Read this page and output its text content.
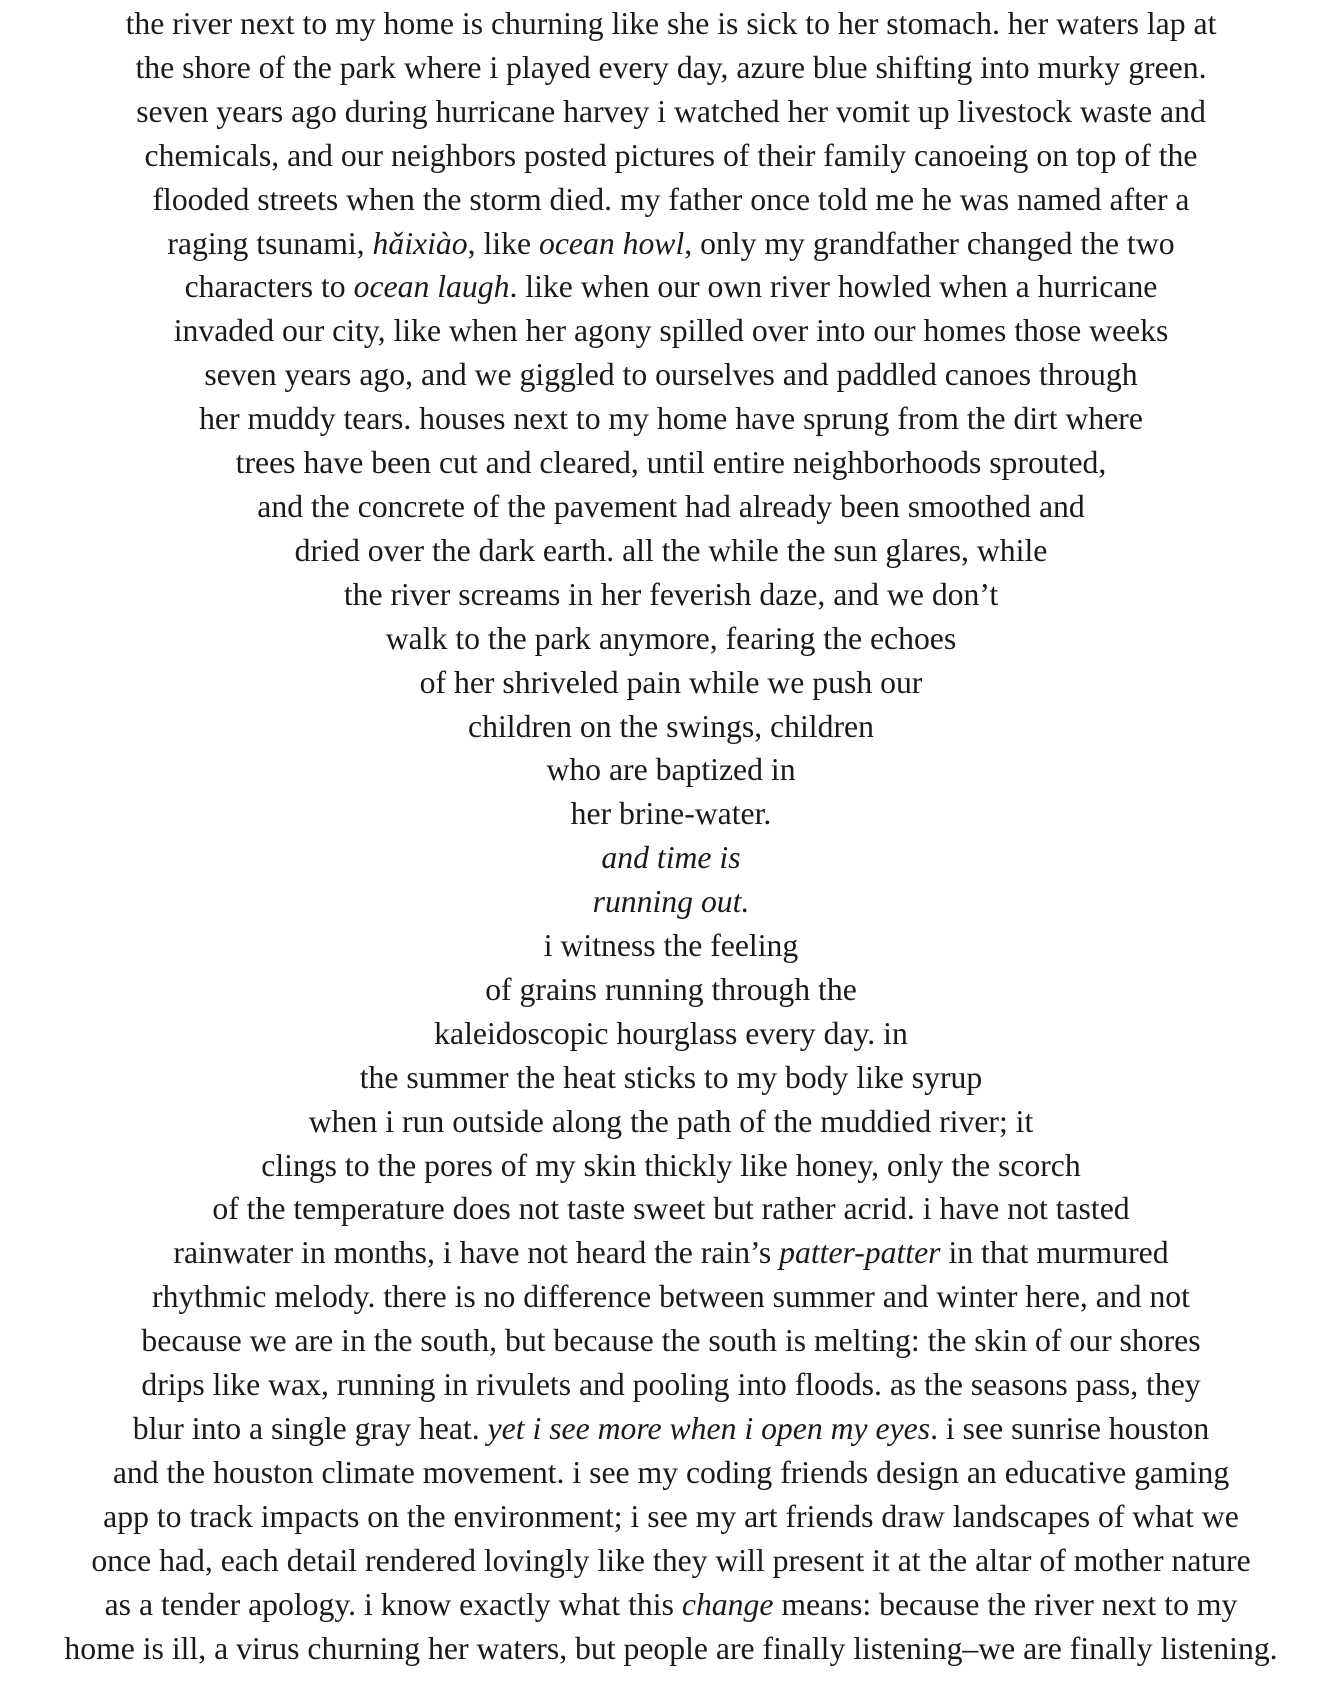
the river next to my home is churning like she is sick to her stomach. her waters lap at
the shore of the park where i played every day, azure blue shifting into murky green.
seven years ago during hurricane harvey i watched her vomit up livestock waste and
chemicals, and our neighbors posted pictures of their family canoeing on top of the
flooded streets when the storm died. my father once told me he was named after a
raging tsunami, hǎixiào, like ocean howl, only my grandfather changed the two
characters to ocean laugh. like when our own river howled when a hurricane
invaded our city, like when her agony spilled over into our homes those weeks
seven years ago, and we giggled to ourselves and paddled canoes through
her muddy tears. houses next to my home have sprung from the dirt where
trees have been cut and cleared, until entire neighborhoods sprouted,
and the concrete of the pavement had already been smoothed and
dried over the dark earth. all the while the sun glares, while
the river screams in her feverish daze, and we don’t
walk to the park anymore, fearing the echoes
of her shriveled pain while we push our
children on the swings, children
who are baptized in
her brine-water.
and time is
running out.
i witness the feeling
of grains running through the
kaleidoscopic hourglass every day. in
the summer the heat sticks to my body like syrup
when i run outside along the path of the muddied river; it
clings to the pores of my skin thickly like honey, only the scorch
of the temperature does not taste sweet but rather acrid. i have not tasted
rainwater in months, i have not heard the rain’s patter-patter in that murmured
rhythmic melody. there is no difference between summer and winter here, and not
because we are in the south, but because the south is melting: the skin of our shores
drips like wax, running in rivulets and pooling into floods. as the seasons pass, they
blur into a single gray heat. yet i see more when i open my eyes. i see sunrise houston
and the houston climate movement. i see my coding friends design an educative gaming
app to track impacts on the environment; i see my art friends draw landscapes of what we
once had, each detail rendered lovingly like they will present it at the altar of mother nature
as a tender apology. i know exactly what this change means: because the river next to my
home is ill, a virus churning her waters, but people are finally listening–we are finally listening.
